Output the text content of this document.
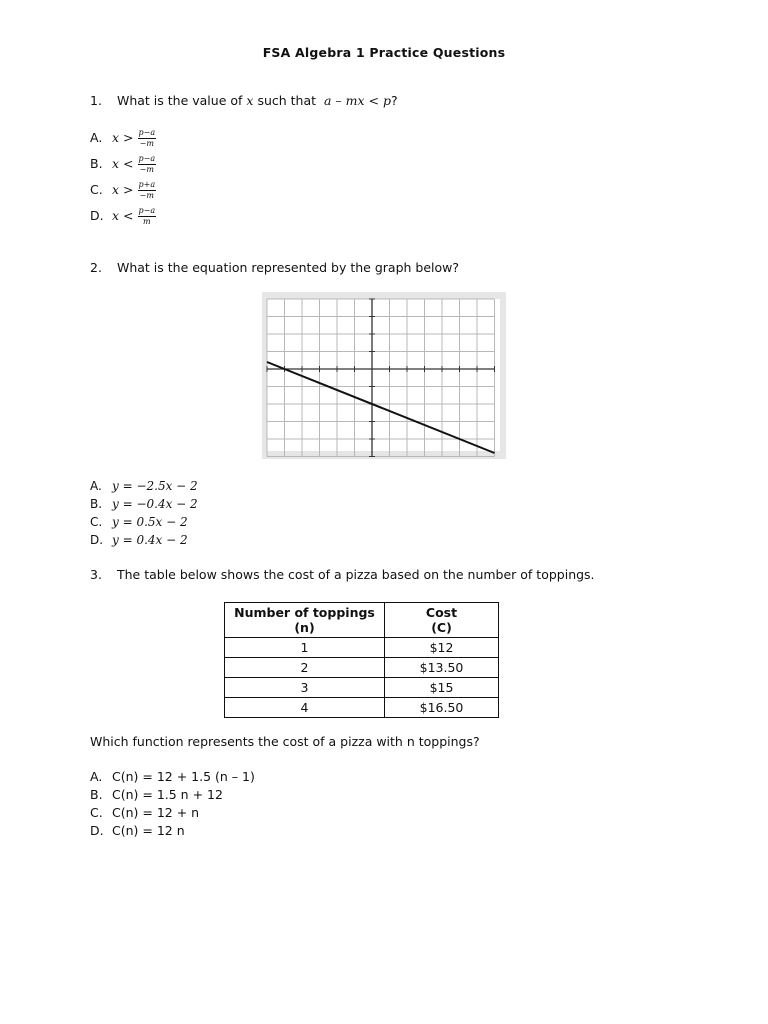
FSA Algebra 1 Practice Questions
1. What is the value of x such that a – mx < p?
A. $x > \frac{p-a}{-m}$
B. $x < \frac{p-a}{-m}$
C. $x > \frac{p+a}{-m}$
D. $x < \frac{p-a}{m}$
2. What is the equation represented by the graph below?
A. y = −2.5x − 2
B. y = −0.4x − 2
C. y = 0.5x − 2
D. y = 0.4x − 2
3. The table below shows the cost of a pizza based on the number of toppings.
Number of toppings
(n)	Cost
(C)
1	$12
2	$13.50
3	$15
4	$16.50
Which function represents the cost of a pizza with n toppings?
A. C(n) = 12 + 1.5 (n – 1)
B. C(n) = 1.5 n + 12
C. C(n) = 12 + n
D. C(n) = 12 n
